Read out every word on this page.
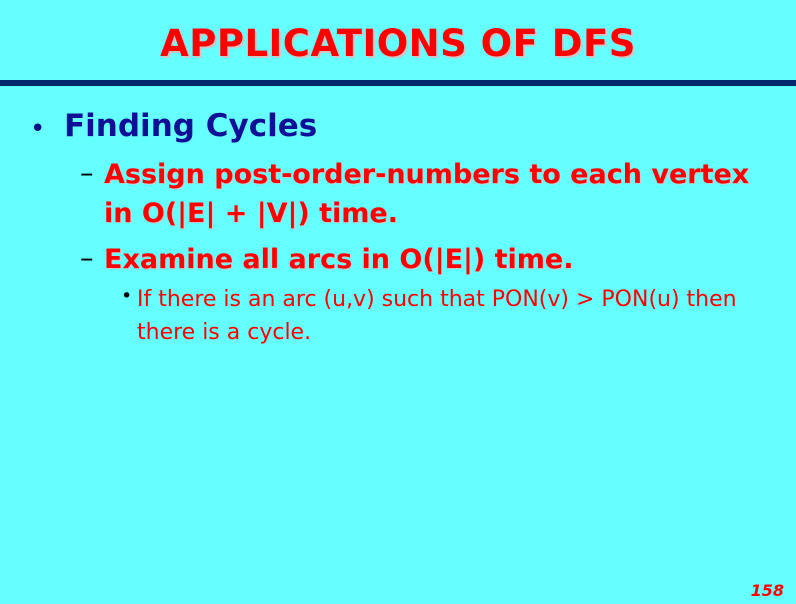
APPLICATIONS OF DFS
• Finding Cycles
– Assign post-order-numbers to each vertex in O(|E| + |V|) time.
– Examine all arcs in O(|E|) time.
• If there is an arc (u,v) such that PON(v) > PON(u) then there is a cycle.
158
